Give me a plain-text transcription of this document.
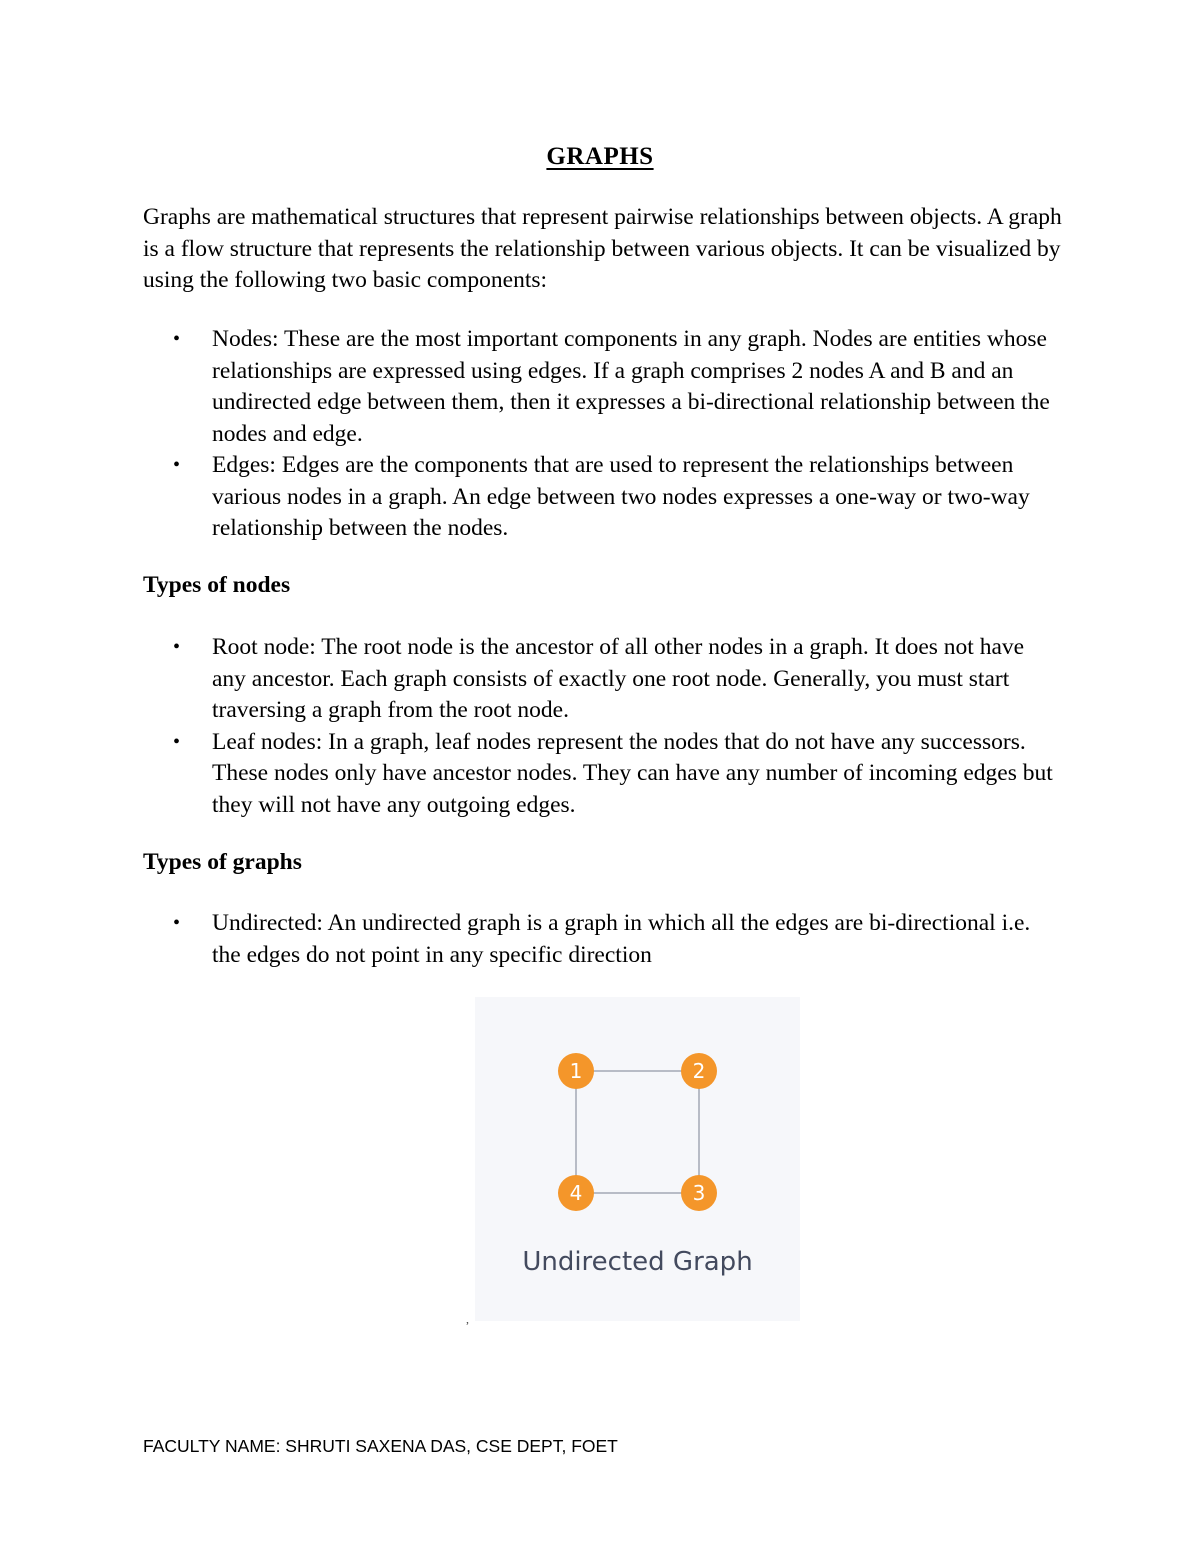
GRAPHS
Graphs are mathematical structures that represent pairwise relationships between objects. A graph is a flow structure that represents the relationship between various objects. It can be visualized by using the following two basic components:
• Nodes: These are the most important components in any graph. Nodes are entities whose relationships are expressed using edges. If a graph comprises 2 nodes A and B and an undirected edge between them, then it expresses a bi-directional relationship between the nodes and edge.
• Edges: Edges are the components that are used to represent the relationships between various nodes in a graph. An edge between two nodes expresses a one-way or two-way relationship between the nodes.
Types of nodes
• Root node: The root node is the ancestor of all other nodes in a graph. It does not have any ancestor. Each graph consists of exactly one root node. Generally, you must start traversing a graph from the root node.
• Leaf nodes: In a graph, leaf nodes represent the nodes that do not have any successors. These nodes only have ancestor nodes. They can have any number of incoming edges but they will not have any outgoing edges.
Types of graphs
• Undirected: An undirected graph is a graph in which all the edges are bi-directional i.e. the edges do not point in any specific direction
1	2
3
4
Undirected Graph
,
FACULTY NAME: SHRUTI SAXENA DAS, CSE DEPT, FOET
